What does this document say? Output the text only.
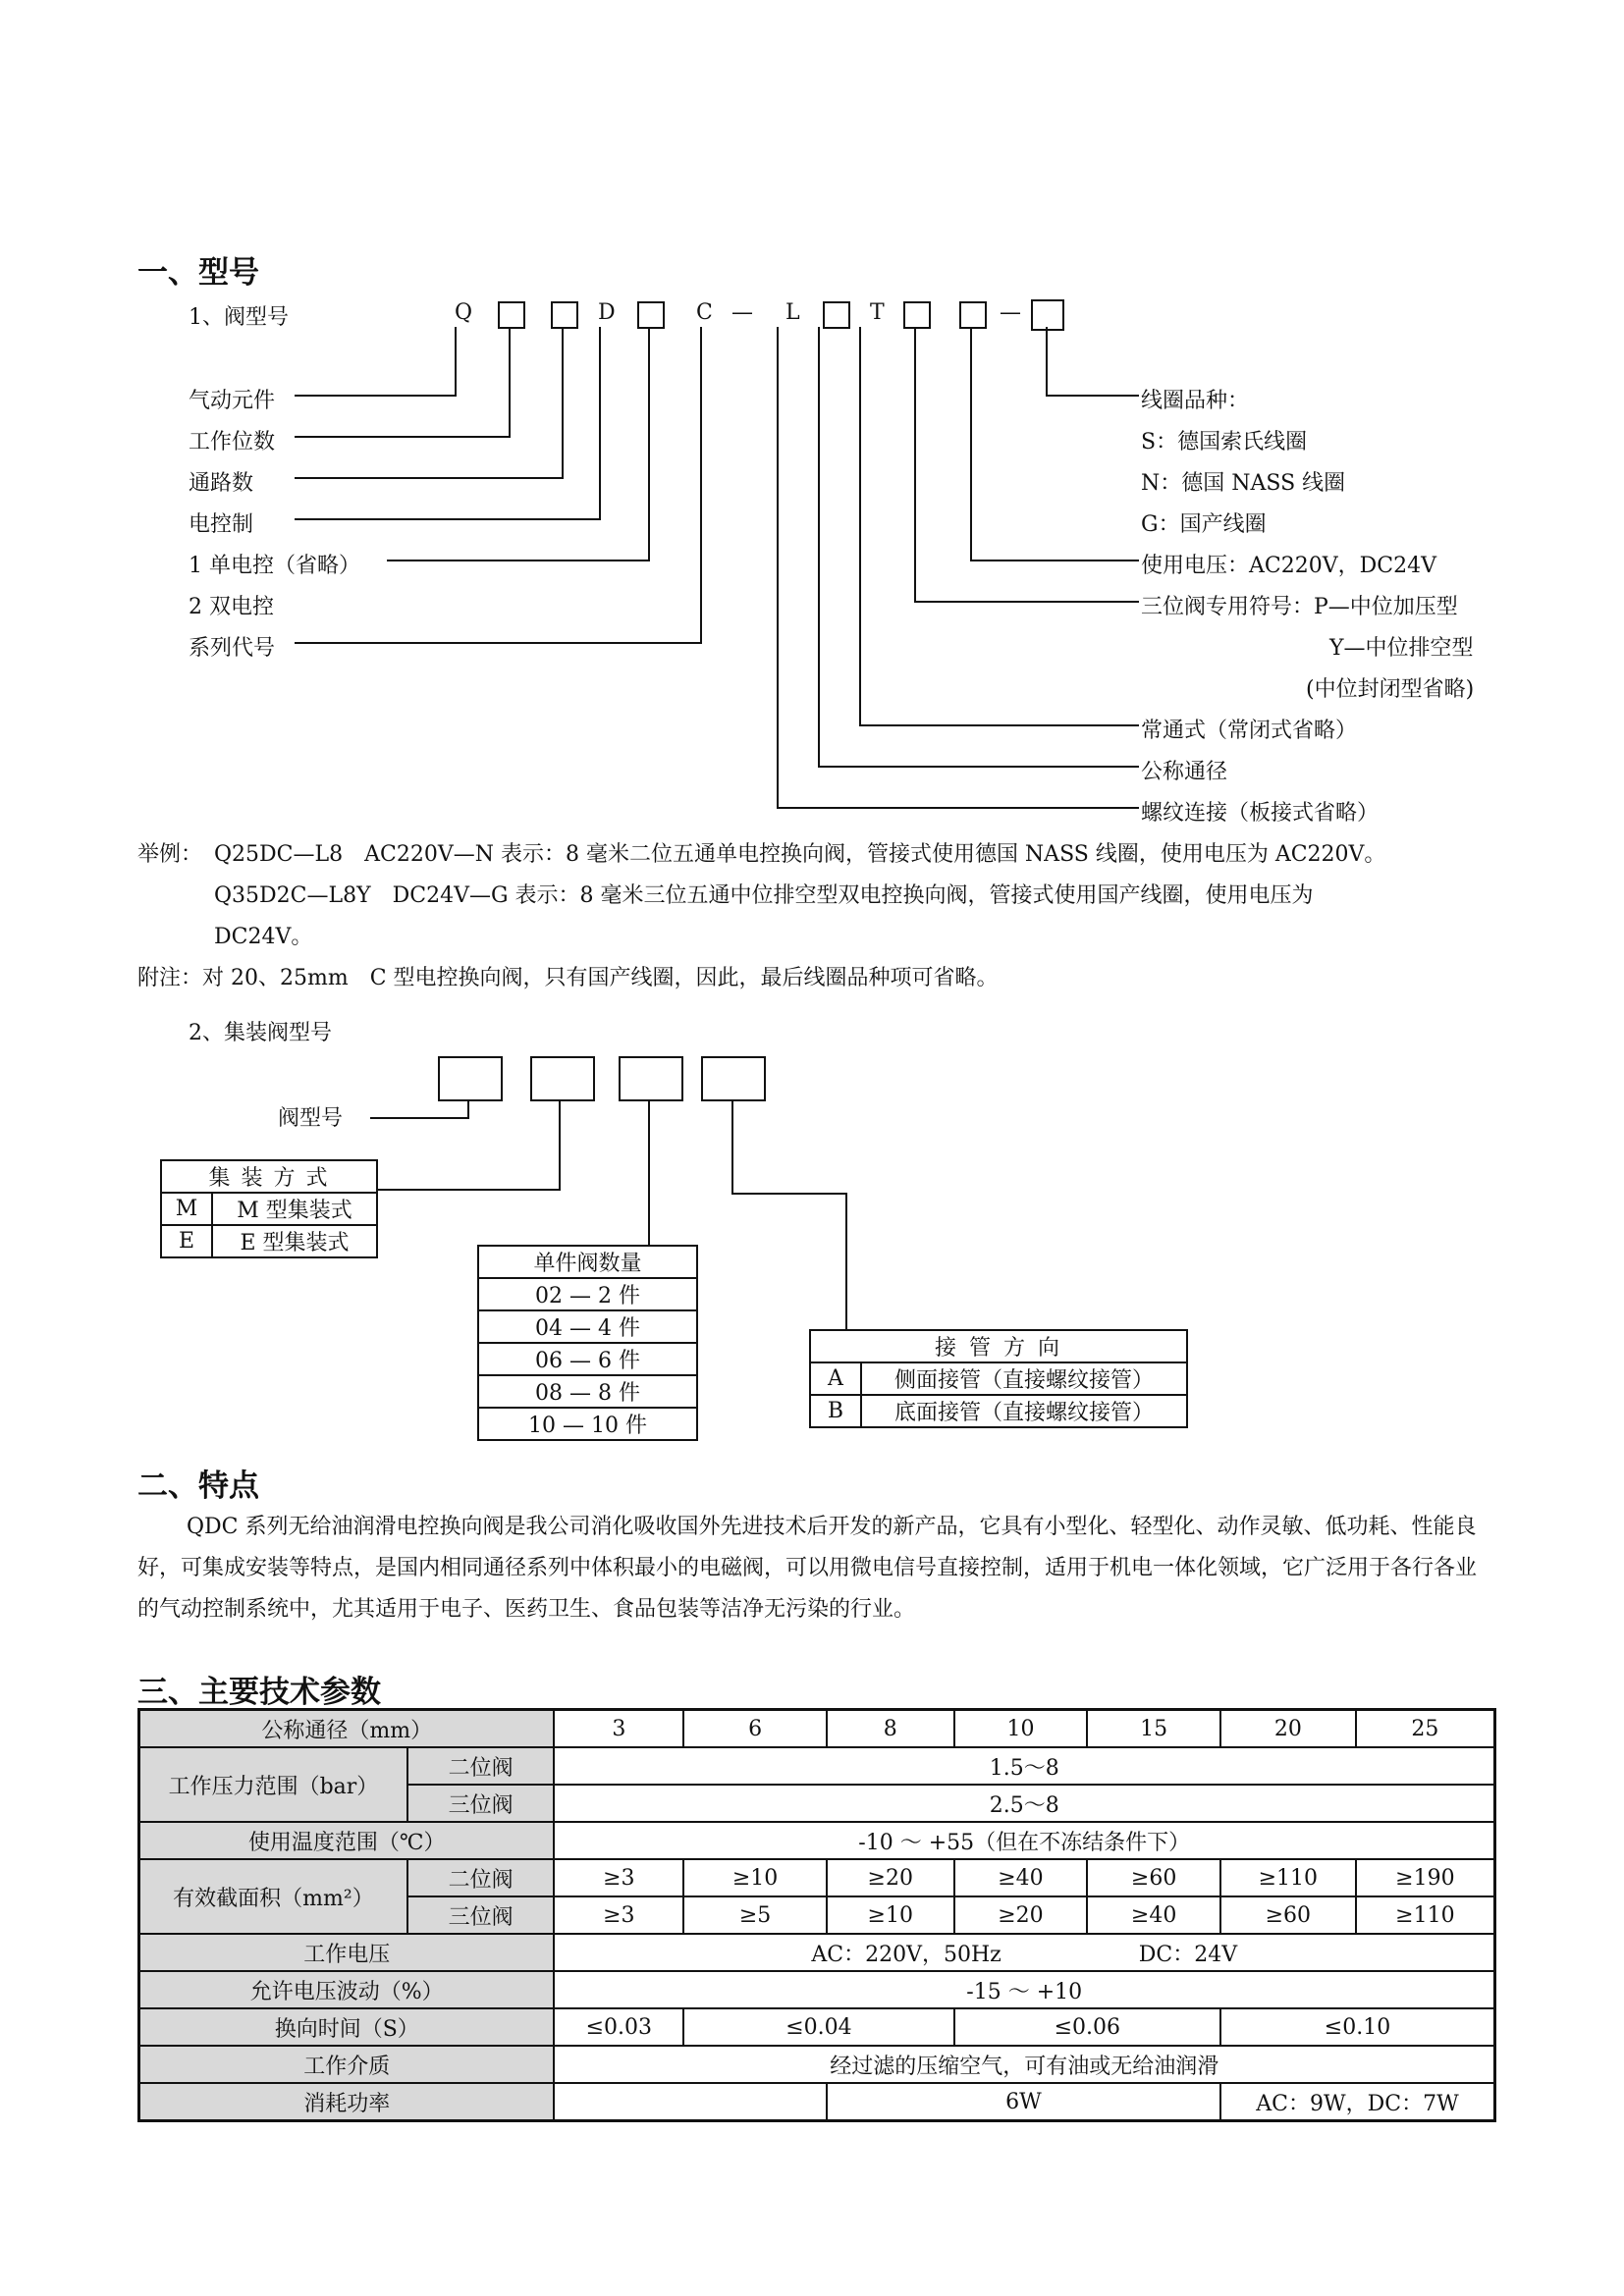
一、型号
1、阀型号	Q	D	C — L	T	—
气动元件
工作位数
通路数
电控制
1 单电控（省略）
2 双电控
系列代号
线圈品种：
S：德国索氏线圈
N：德国 NASS 线圈
G：国产线圈
使用电压：AC220V，DC24V
三位阀专用符号：P—中位加压型
Y—中位排空型
(中位封闭型省略)
常通式（常闭式省略）
公称通径
螺纹连接（板接式省略）
举例： Q25DC—L8　AC220V—N 表示：8 毫米二位五通单电控换向阀，管接式使用德国 NASS 线圈，使用电压为 AC220V。
Q35D2C—L8Y　DC24V—G 表示：8 毫米三位五通中位排空型双电控换向阀，管接式使用国产线圈，使用电压为
DC24V。
附注：对 20、25mm　C 型电控换向阀，只有国产线圈，因此，最后线圈品种项可省略。
2、集装阀型号
阀型号
集 装 方 式	
M	M 型集装式
E	E 型集装式
单件阀数量
02 — 2 件
04 — 4 件
06 — 6 件
08 — 8 件
10 — 10 件
接 管 方 向	
A	侧面接管（直接螺纹接管）
B	底面接管（直接螺纹接管）
二、特点
QDC 系列无给油润滑电控换向阀是我公司消化吸收国外先进技术后开发的新产品，它具有小型化、轻型化、动作灵敏、低功耗、性能良好，可集成安装等特点，是国内相同通径系列中体积最小的电磁阀，可以用微电信号直接控制，适用于机电一体化领域，它广泛用于各行各业的气动控制系统中，尤其适用于电子、医药卫生、食品包装等洁净无污染的行业。
三、主要技术参数
公称通径（mm）		3	6	8	10	15	20	25
工作压力范围（bar）	二位阀	1.5～8						
	三位阀	2.5～8						
使用温度范围（℃）		-10 ～ +55（但在不冻结条件下）						
有效截面积（mm²）	二位阀	≥3	≥10	≥20	≥40	≥60	≥110	≥190
	三位阀	≥3	≥5	≥10	≥20	≥40	≥60	≥110
工作电压		AC：220V，50Hz DC：24V						
允许电压波动（%）		-15 ～ +10						
换向时间（S）		≤0.03	≤0.04		≤0.06		≤0.10	
工作介质		经过滤的压缩空气，可有油或无给油润滑						
消耗功率				6W			AC：9W，DC：7W	
